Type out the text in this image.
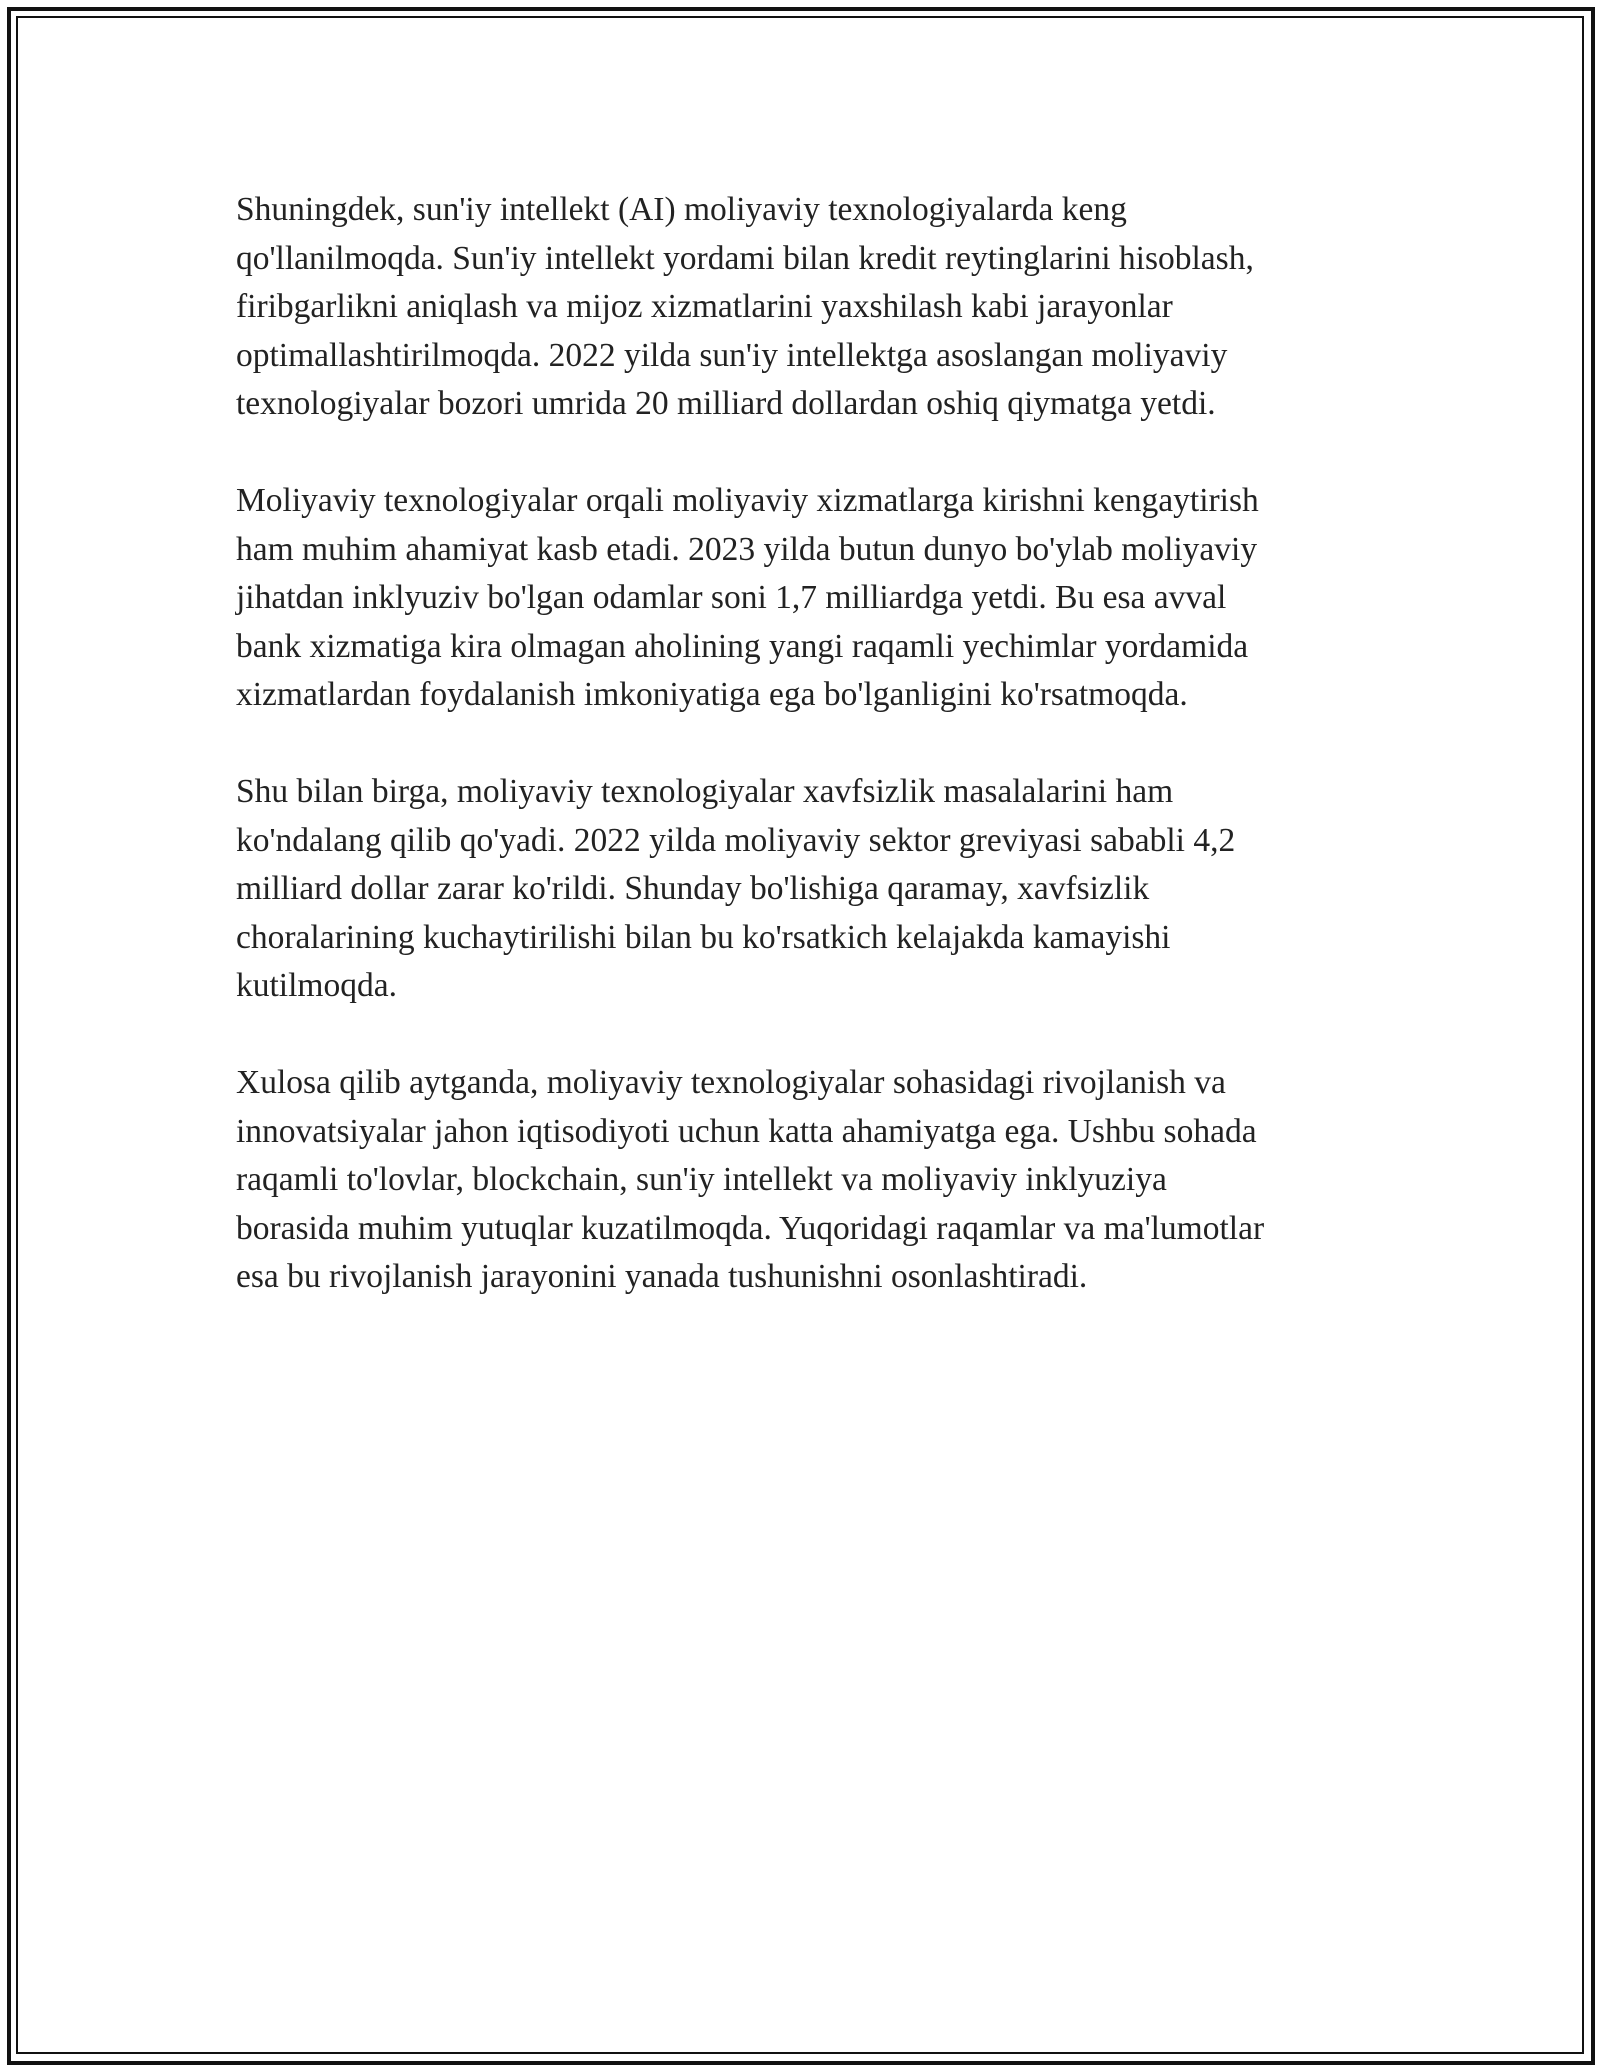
Shuningdek, sun'iy intellekt (AI) moliyaviy texnologiyalarda keng
qo'llanilmoqda. Sun'iy intellekt yordami bilan kredit reytinglarini hisoblash,
firibgarlikni aniqlash va mijoz xizmatlarini yaxshilash kabi jarayonlar
optimallashtirilmoqda. 2022 yilda sun'iy intellektga asoslangan moliyaviy
texnologiyalar bozori umrida 20 milliard dollardan oshiq qiymatga yetdi.

Moliyaviy texnologiyalar orqali moliyaviy xizmatlarga kirishni kengaytirish
ham muhim ahamiyat kasb etadi. 2023 yilda butun dunyo bo'ylab moliyaviy
jihatdan inklyuziv bo'lgan odamlar soni 1,7 milliardga yetdi. Bu esa avval
bank xizmatiga kira olmagan aholining yangi raqamli yechimlar yordamida
xizmatlardan foydalanish imkoniyatiga ega bo'lganligini ko'rsatmoqda.

Shu bilan birga, moliyaviy texnologiyalar xavfsizlik masalalarini ham
ko'ndalang qilib qo'yadi. 2022 yilda moliyaviy sektor greviyasi sababli 4,2
milliard dollar zarar ko'rildi. Shunday bo'lishiga qaramay, xavfsizlik
choralarining kuchaytirilishi bilan bu ko'rsatkich kelajakda kamayishi
kutilmoqda.

Xulosa qilib aytganda, moliyaviy texnologiyalar sohasidagi rivojlanish va
innovatsiyalar jahon iqtisodiyoti uchun katta ahamiyatga ega. Ushbu sohada
raqamli to'lovlar, blockchain, sun'iy intellekt va moliyaviy inklyuziya
borasida muhim yutuqlar kuzatilmoqda. Yuqoridagi raqamlar va ma'lumotlar
esa bu rivojlanish jarayonini yanada tushunishni osonlashtiradi.
